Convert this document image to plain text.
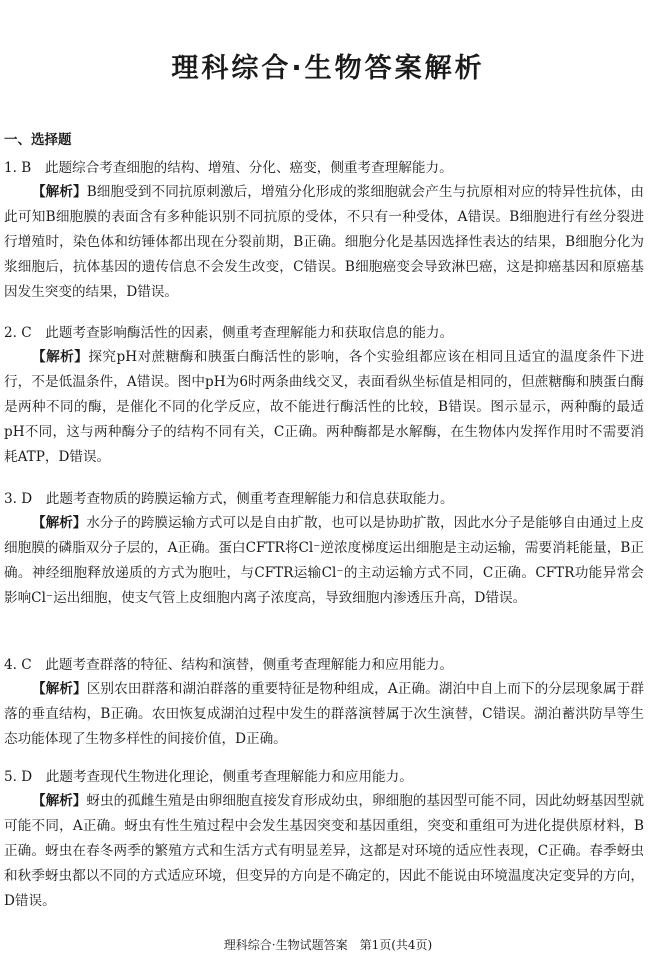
理科综合·生物答案解析
一、选择题
1. B　此题综合考查细胞的结构、增殖、分化、癌变，侧重考查理解能力。
【解析】B细胞受到不同抗原刺激后，增殖分化形成的浆细胞就会产生与抗原相对应的特异性抗体，由此可知B细胞膜的表面含有多种能识别不同抗原的受体，不只有一种受体，A错误。B细胞进行有丝分裂进行增殖时，染色体和纺锤体都出现在分裂前期，B正确。细胞分化是基因选择性表达的结果，B细胞分化为浆细胞后，抗体基因的遗传信息不会发生改变，C错误。B细胞癌变会导致淋巴癌，这是抑癌基因和原癌基因发生突变的结果，D错误。
2. C　此题考查影响酶活性的因素，侧重考查理解能力和获取信息的能力。
【解析】探究pH对蔗糖酶和胰蛋白酶活性的影响，各个实验组都应该在相同且适宜的温度条件下进行，不是低温条件，A错误。图中pH为6时两条曲线交叉，表面看纵坐标值是相同的，但蔗糖酶和胰蛋白酶是两种不同的酶，是催化不同的化学反应，故不能进行酶活性的比较，B错误。图示显示，两种酶的最适pH不同，这与两种酶分子的结构不同有关，C正确。两种酶都是水解酶，在生物体内发挥作用时不需要消耗ATP，D错误。
3. D　此题考查物质的跨膜运输方式，侧重考查理解能力和信息获取能力。
【解析】水分子的跨膜运输方式可以是自由扩散，也可以是协助扩散，因此水分子是能够自由通过上皮细胞膜的磷脂双分子层的，A正确。蛋白CFTR将Cl⁻逆浓度梯度运出细胞是主动运输，需要消耗能量，B正确。神经细胞释放递质的方式为胞吐，与CFTR运输Cl⁻的主动运输方式不同，C正确。CFTR功能异常会影响Cl⁻运出细胞，使支气管上皮细胞内离子浓度高，导致细胞内渗透压升高，D错误。
4. C　此题考查群落的特征、结构和演替，侧重考查理解能力和应用能力。
【解析】区别农田群落和湖泊群落的重要特征是物种组成，A正确。湖泊中自上而下的分层现象属于群落的垂直结构，B正确。农田恢复成湖泊过程中发生的群落演替属于次生演替，C错误。湖泊蓄洪防旱等生态功能体现了生物多样性的间接价值，D正确。
5. D　此题考查现代生物进化理论，侧重考查理解能力和应用能力。
【解析】蚜虫的孤雌生殖是由卵细胞直接发育形成幼虫，卵细胞的基因型可能不同，因此幼蚜基因型就可能不同，A正确。蚜虫有性生殖过程中会发生基因突变和基因重组，突变和重组可为进化提供原材料，B正确。蚜虫在春冬两季的繁殖方式和生活方式有明显差异，这都是对环境的适应性表现，C正确。春季蚜虫和秋季蚜虫都以不同的方式适应环境，但变异的方向是不确定的，因此不能说由环境温度决定变异的方向，D错误。
理科综合·生物试题答案　第1页(共4页)
